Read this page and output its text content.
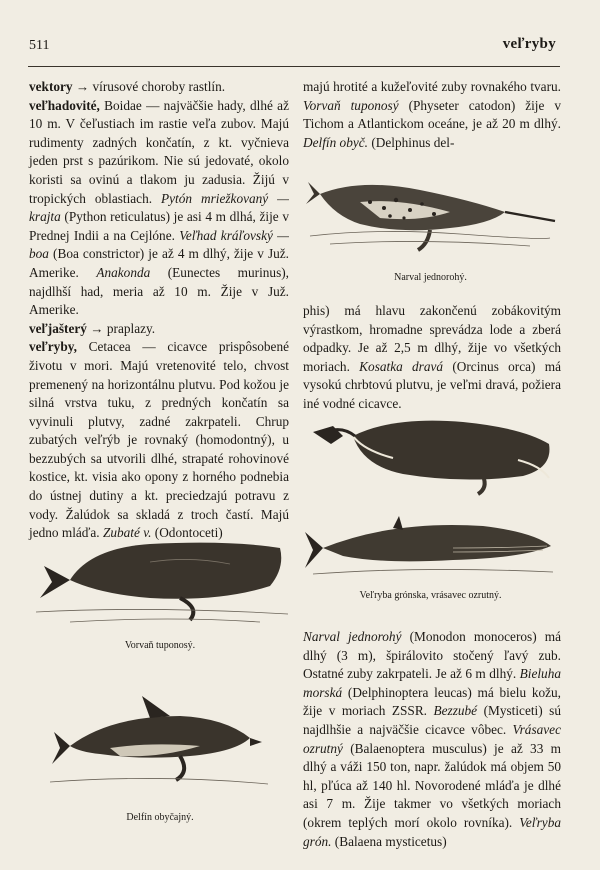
511	veľryby

vektory → vírusové choroby rastlín.

veľhadovité, Boidae — najväčšie hady, dlhé až 10 m. V čeľustiach im rastie veľa zubov. Majú rudimenty zadných končatín, z kt. vyčnieva jeden prst s pazúrikom. Nie sú jedovaté, okolo koristi sa ovinú a tlakom ju zadusia. Žijú v tropických oblastiach. Pytón mriežkovaný — krajta (Python reticulatus) je asi 4 m dlhá, žije v Prednej Indii a na Cejlóne. Veľhad kráľovský — boa (Boa constrictor) je až 4 m dlhý, žije v Juž. Amerike. Anakonda (Eunectes murinus), najdlhší had, meria až 10 m. Žije v Juž. Amerike.

veľjašterý → praplazy.

veľryby, Cetacea — cicavce prispôsobené životu v mori. Majú vretenovité telo, chvost premenený na horizontálnu plutvu. Pod kožou je silná vrstva tuku, z predných končatín sa vyvinuli plutvy, zadné zakrpateli. Chrup zubatých veľrýb je rovnaký (homodontný), u bezzubých sa utvorili dlhé, strapaté rohovinové kostice, kt. visia ako opony z horného podnebia do ústnej dutiny a kt. preciedzajú potravu z vody. Žalúdok sa skladá z troch častí. Majú jedno mláďa. Zubaté v. (Odontoceti)

majú hrotité a kužeľovité zuby rovnakého tvaru. Vorvaň tuponosý (Physeter catodon) žije v Tichom a Atlantickom oceáne, je až 20 m dlhý. Delfín obyč. (Delphinus del-

phis) má hlavu zakončenú zobákovitým výrastkom, hromadne sprevádza lode a zberá odpadky. Je až 2,5 m dlhý, žije vo všetkých moriach. Kosatka dravá (Orcinus orca) má vysokú chrbtovú plutvu, je veľmi dravá, požiera iné vodné cicavce.

Narval jednorohý (Monodon monoceros) má dlhý (3 m), špirálovito stočený ľavý zub. Ostatné zuby zakrpateli. Je až 6 m dlhý. Bieluha morská (Delphinoptera leucas) má bielu kožu, žije v moriach ZSSR. Bezzubé (Mysticeti) sú najdlhšie a najväčšie cicavce vôbec. Vrásavec ozrutný (Balaenoptera musculus) je až 33 m dlhý a váži 150 ton, napr. žalúdok má objem 50 hl, pľúca až 140 hl. Novorodené mláďa je dlhé asi 7 m. Žije takmer vo všetkých moriach (okrem teplých morí okolo rovníka). Veľryba grón. (Balaena mysticetus)

Narval jednorohý.
Veľryba grónska, vrásavec ozrutný.
Vorvaň tuponosý.
Delfín obyčajný.
